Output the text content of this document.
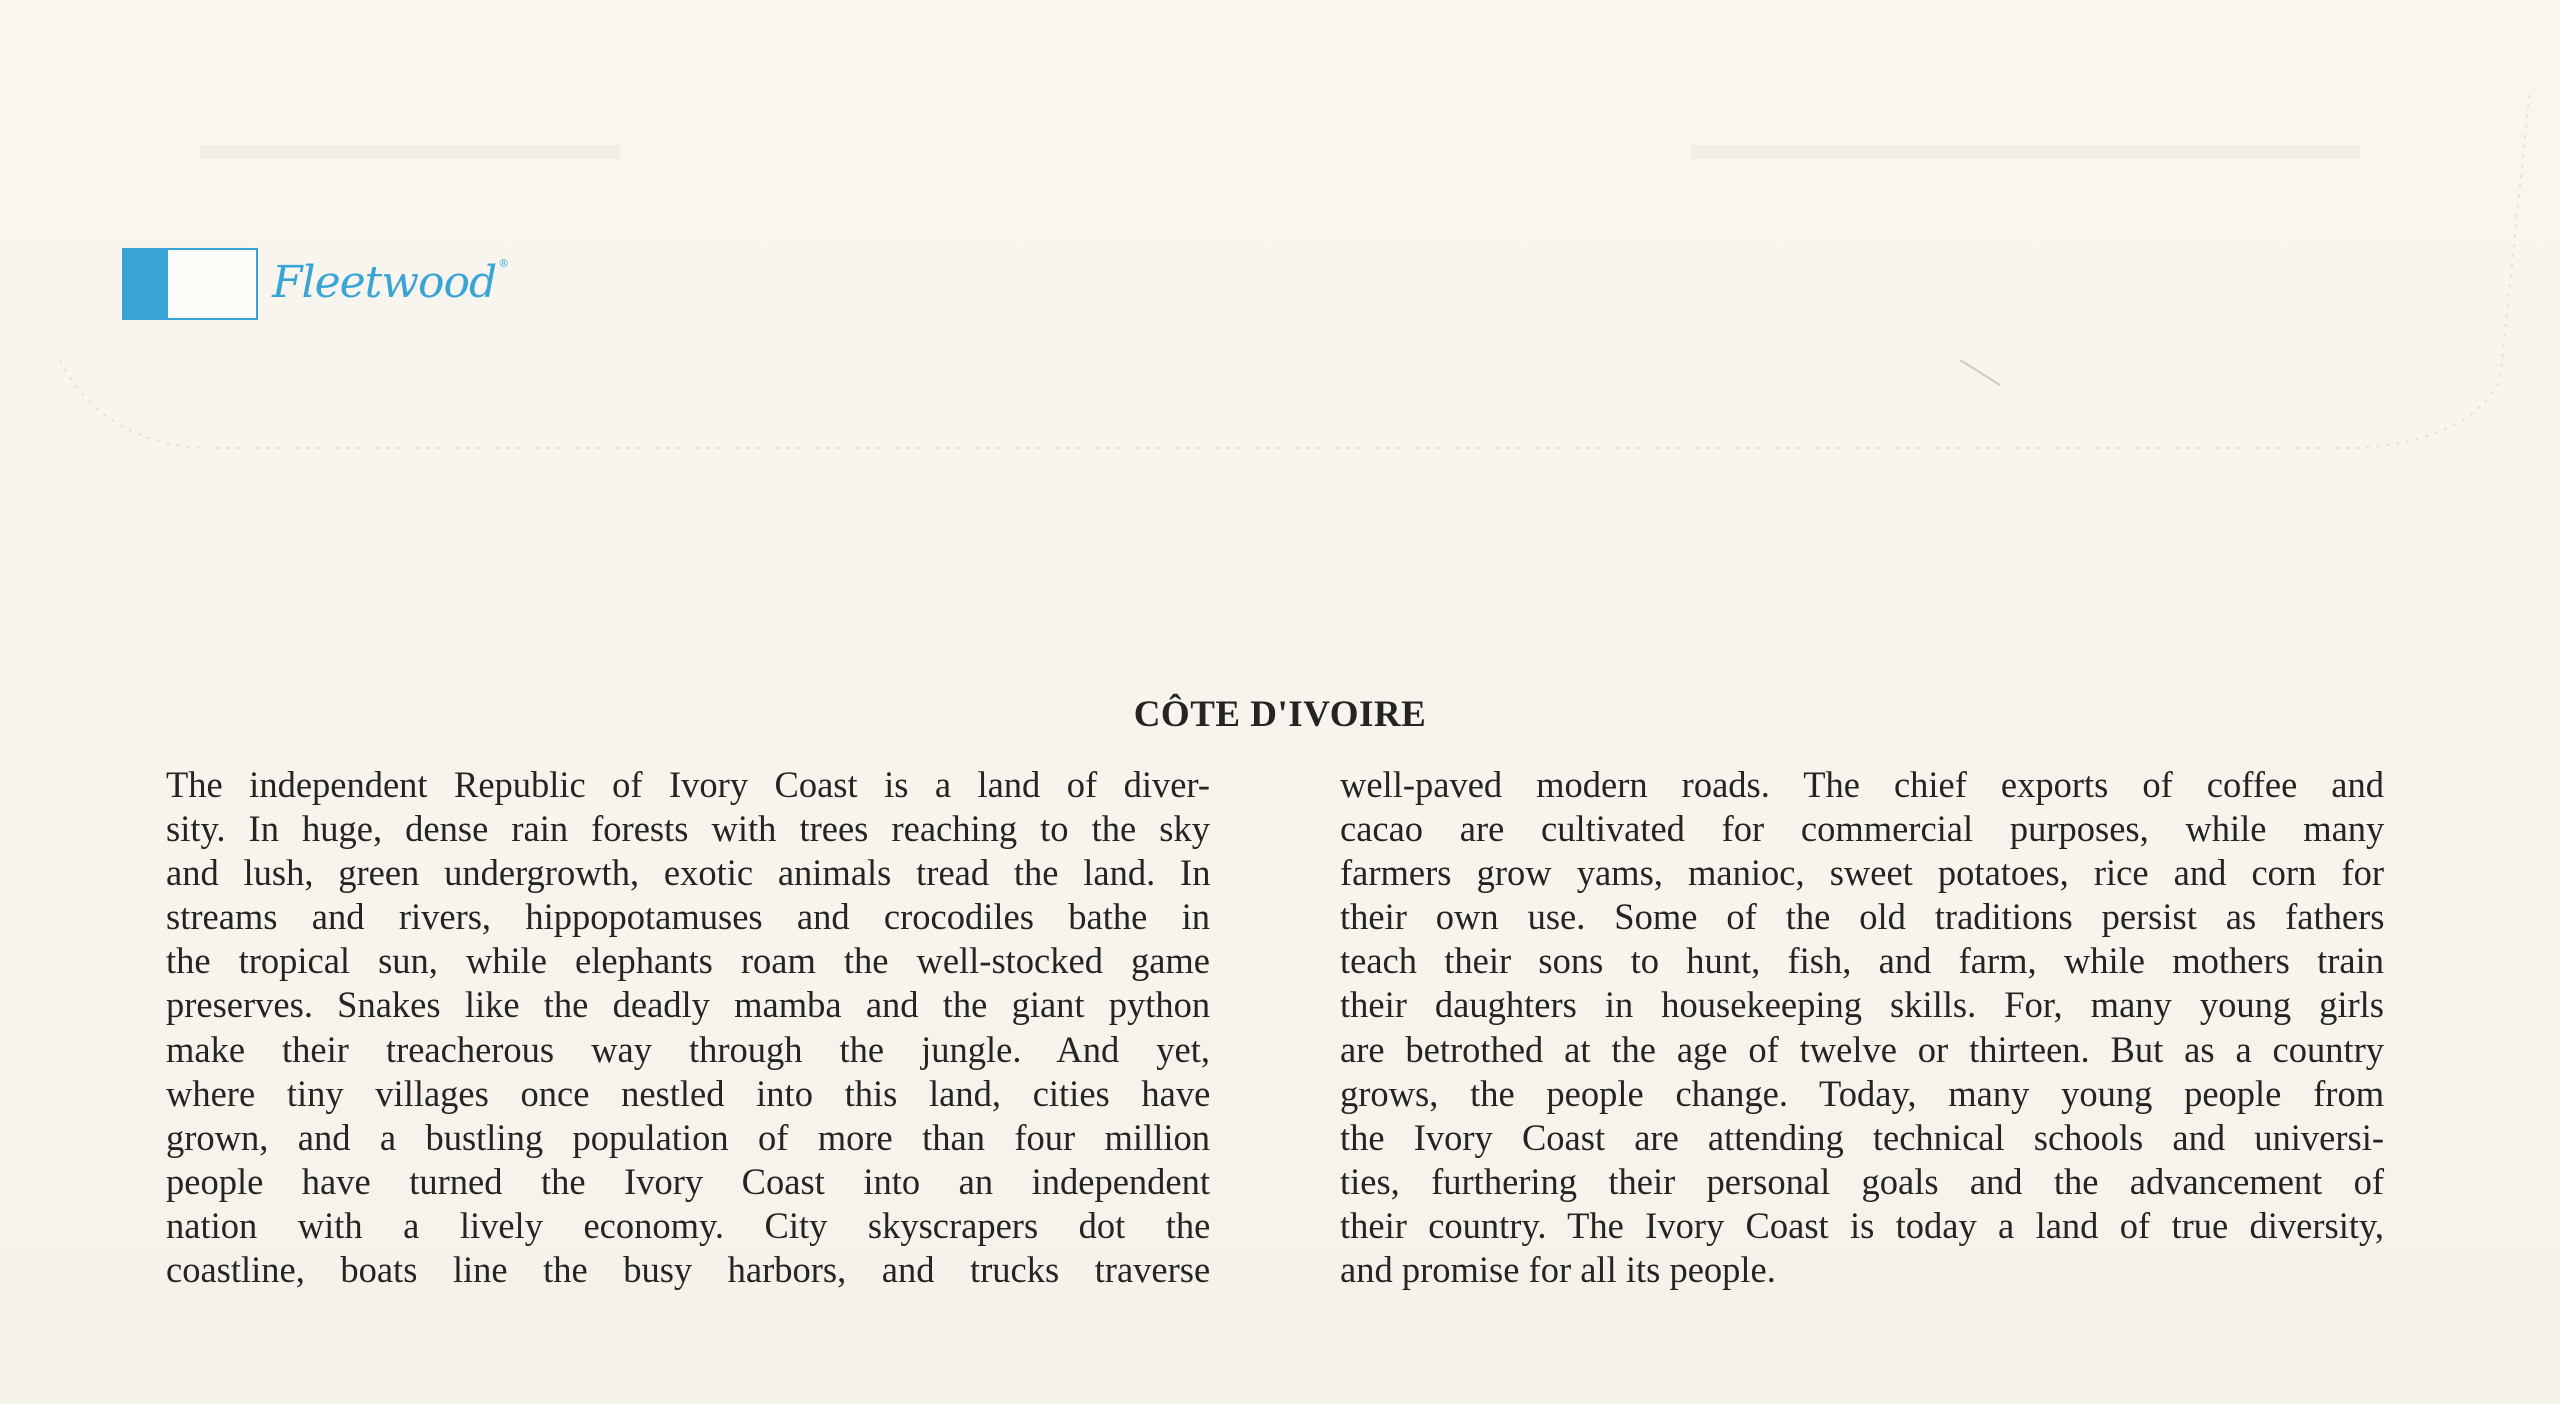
Fleetwood ®
CÔTE D'IVOIRE
The independent Republic of Ivory Coast is a land of diver-
sity. In huge, dense rain forests with trees reaching to the sky
and lush, green undergrowth, exotic animals tread the land. In
streams and rivers, hippopotamuses and crocodiles bathe in
the tropical sun, while elephants roam the well-stocked game
preserves. Snakes like the deadly mamba and the giant python
make their treacherous way through the jungle. And yet,
where tiny villages once nestled into this land, cities have
grown, and a bustling population of more than four million
people have turned the Ivory Coast into an independent
nation with a lively economy. City skyscrapers dot the
coastline, boats line the busy harbors, and trucks traverse
well-paved modern roads. The chief exports of coffee and
cacao are cultivated for commercial purposes, while many
farmers grow yams, manioc, sweet potatoes, rice and corn for
their own use. Some of the old traditions persist as fathers
teach their sons to hunt, fish, and farm, while mothers train
their daughters in housekeeping skills. For, many young girls
are betrothed at the age of twelve or thirteen. But as a country
grows, the people change. Today, many young people from
the Ivory Coast are attending technical schools and universi-
ties, furthering their personal goals and the advancement of
their country. The Ivory Coast is today a land of true diversity,
and promise for all its people.
